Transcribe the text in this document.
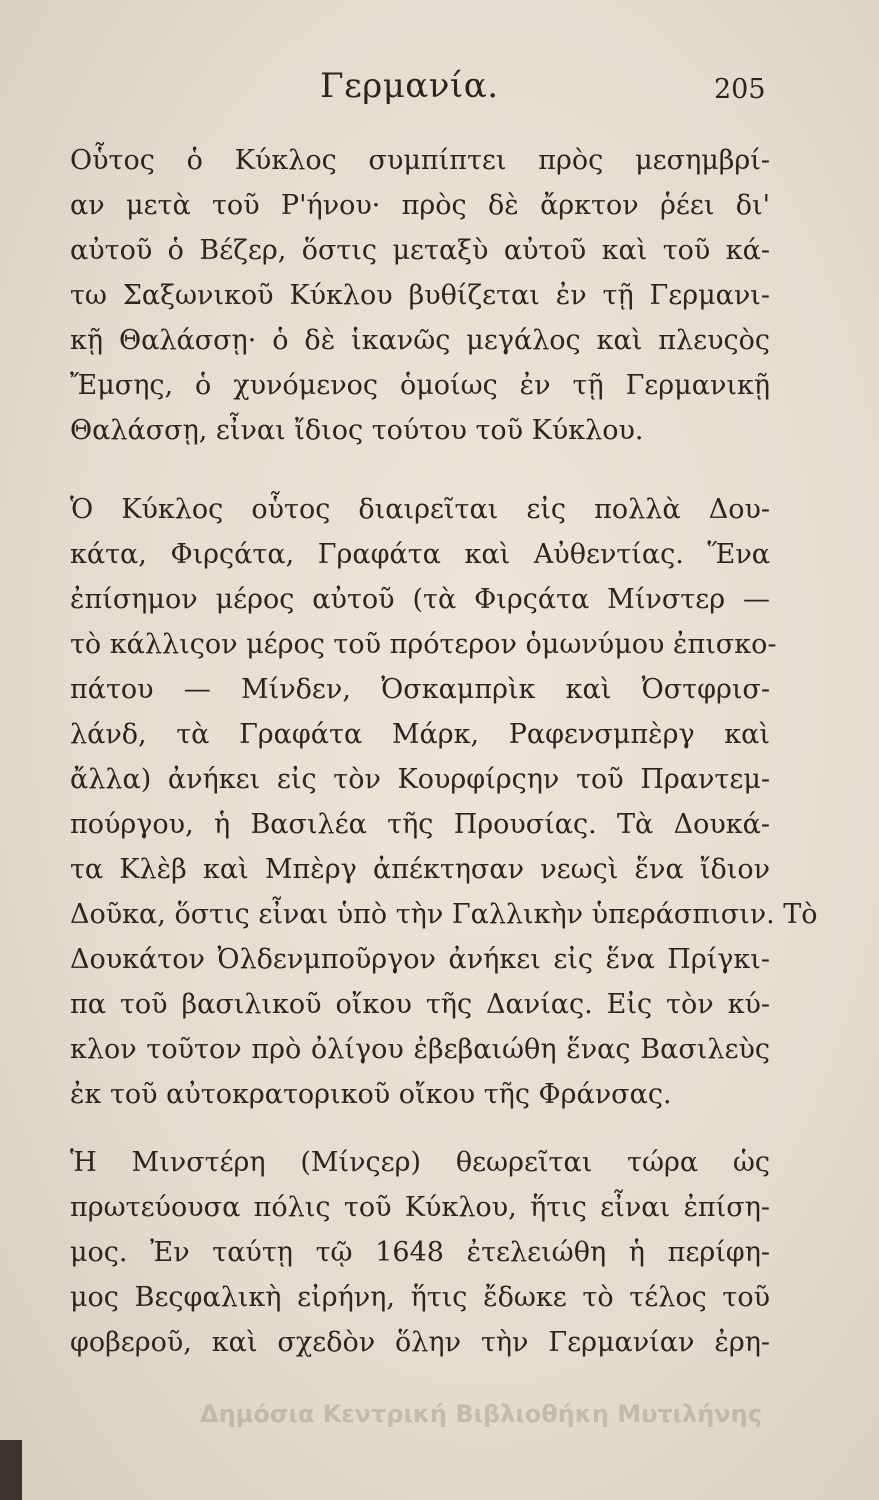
Γερμανία.	205

Οὗτος ὁ Κύκλος συμπίπτει πρὸς μεσημβρί-
αν μετὰ τοῦ Ρ'ήνου· πρὸς δὲ ἄρκτον ῥέει δι'
αὐτοῦ ὁ Βέζερ, ὅστις μεταξὺ αὐτοῦ καὶ τοῦ κά-
τω Σαξωνικοῦ Κύκλου βυθίζεται ἐν τῇ Γερμανι-
κῇ Θαλάσσῃ· ὁ δὲ ἱκανῶς μεγάλος καὶ πλευςὸς
Ἔμσης, ὁ χυνόμενος ὁμοίως ἐν τῇ Γερμανικῇ
Θαλάσσῃ, εἶναι ἴδιος τούτου τοῦ Κύκλου.

Ὁ Κύκλος οὗτος διαιρεῖται εἰς πολλὰ Δου-
κάτα, Φιρςάτα, Γραφάτα καὶ Αὐθεντίας. Ἕνα
ἐπίσημον μέρος αὐτοῦ (τὰ Φιρςάτα Μίνστερ —
τὸ κάλλιςον μέρος τοῦ πρότερον ὁμωνύμου ἐπισκο-
πάτου — Μίνδεν, Ὀσκαμπρὶκ καὶ Ὀστφρισ-
λάνδ, τὰ Γραφάτα Μάρκ, Ραφενσμπὲργ καὶ
ἄλλα) ἀνήκει εἰς τὸν Κουρφίρςην τοῦ Πραντεμ-
πούργου, ἡ Βασιλέα τῆς Προυσίας. Τὰ Δουκά-
τα Κλὲβ καὶ Μπὲργ ἀπέκτησαν νεωςὶ ἕνα ἴδιον
Δοῦκα, ὅστις εἶναι ὑπὸ τὴν Γαλλικὴν ὑπεράσπισιν. Τὸ
Δουκάτον Ὀλδενμποῦργον ἀνήκει εἰς ἕνα Πρίγκι-
πα τοῦ βασιλικοῦ οἴκου τῆς Δανίας. Εἰς τὸν κύ-
κλον τοῦτον πρὸ ὀλίγου ἐβεβαιώθη ἕνας Βασιλεὺς
ἐκ τοῦ αὐτοκρατορικοῦ οἴκου τῆς Φράνσας.

Ἡ Μινστέρη (Μίνςερ) θεωρεῖται τώρα ὡς
πρωτεύουσα πόλις τοῦ Κύκλου, ἥτις εἶναι ἐπίση-
μος. Ἐν ταύτῃ τῷ 1648 ἐτελειώθη ἡ περίφη-
μος Βεςφαλικὴ εἰρήνη, ἥτις ἔδωκε τὸ τέλος τοῦ
φοβεροῦ, καὶ σχεδὸν ὅλην τὴν Γερμανίαν ἐρη-

Δημόσια Κεντρική Βιβλιοθήκη Μυτιλήνης
